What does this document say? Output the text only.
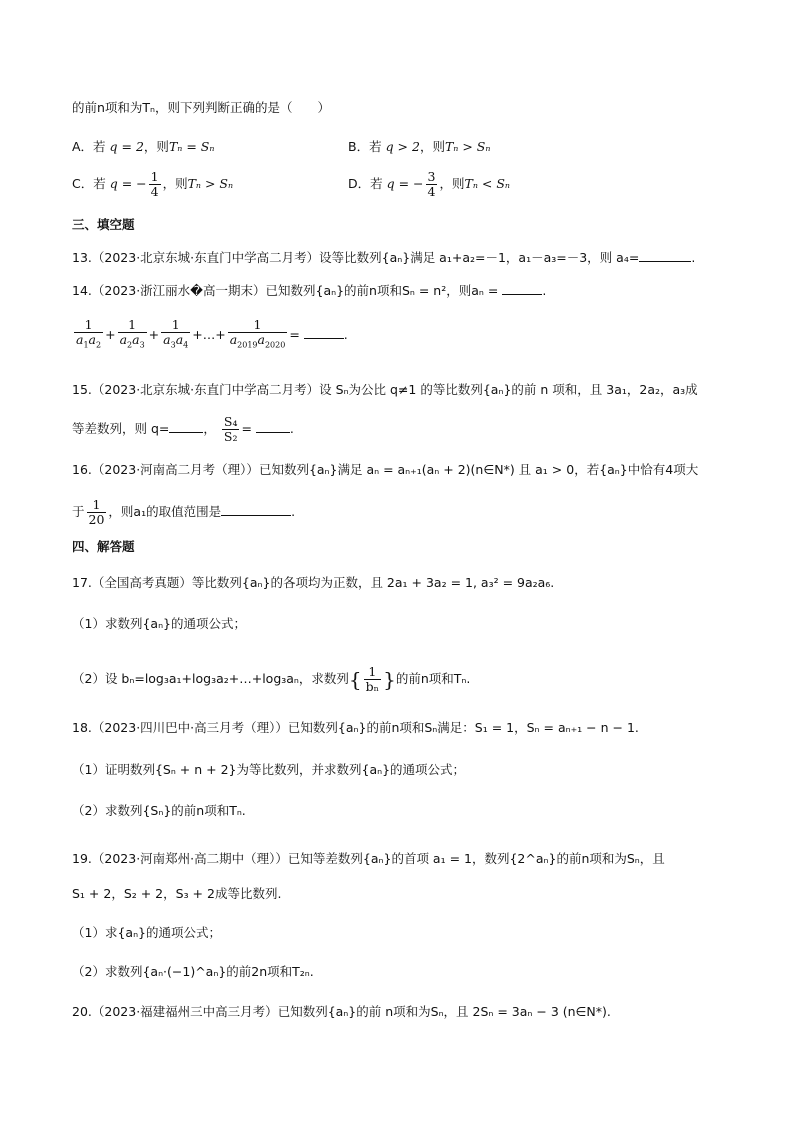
的前n项和为Tₙ，则下列判断正确的是（　　）
A．若 q = 2，则Tₙ = Sₙ	B．若 q > 2，则Tₙ > Sₙ
C．若 q = − $\frac{1}{4}$ ，则Tₙ > Sₙ	D．若 q = − $\frac{3}{4}$ ，则Tₙ < Sₙ
三、填空题
13.（2023·北京东城·东直门中学高二月考）设等比数列{aₙ}满足 a₁+a₂=－1，a₁－a₃=－3，则 a₄=	.
14.（2023·浙江丽水�高一期末）已知数列{aₙ}的前n项和Sₙ = n²，则aₙ =	.
$\frac{1}{a_1a_2} + \frac{1}{a_2a_3} + \frac{1}{a_3a_4}$ +…+ $\frac{1}{a_{2019}a_{2020}}$ =	.
15.（2023·北京东城·东直门中学高二月考）设 Sₙ为公比 q≠1 的等比数列{aₙ}的前 n 项和，且 3a₁，2a₂，a₃成
等差数列，则 q=	， $\frac{\text{S₄}}{\text{S₂}}$ =	.
16.（2023·河南高二月考（理））已知数列{aₙ}满足 aₙ = aₙ₊₁(aₙ + 2)(n∈N*) 且 a₁ > 0，若{aₙ}中恰有4项大
于 $\frac{1}{20}$ ，则a₁的取值范围是	.
四、解答题
17.（全国高考真题）等比数列{aₙ}的各项均为正数，且 2a₁ + 3a₂ = 1, a₃² = 9a₂a₆.
（1）求数列{aₙ}的通项公式；
（2）设 bₙ=log₃a₁+log₃a₂+…+log₃aₙ，求数列{ $\frac{1}{\text{bₙ}}$ }的前n项和Tₙ.
18.（2023·四川巴中·高三月考（理））已知数列{aₙ}的前n项和Sₙ满足：S₁ = 1，Sₙ = aₙ₊₁ − n − 1.
（1）证明数列{Sₙ + n + 2}为等比数列，并求数列{aₙ}的通项公式；
（2）求数列{Sₙ}的前n项和Tₙ.
19.（2023·河南郑州·高二期中（理））已知等差数列{aₙ}的首项 a₁ = 1，数列{2^aₙ}的前n项和为Sₙ，且
S₁ + 2，S₂ + 2，S₃ + 2成等比数列.
（1）求{aₙ}的通项公式；
（2）求数列{aₙ·(−1)^aₙ}的前2n项和T₂ₙ.
20.（2023·福建福州三中高三月考）已知数列{aₙ}的前 n项和为Sₙ，且 2Sₙ = 3aₙ − 3 (n∈N*).
